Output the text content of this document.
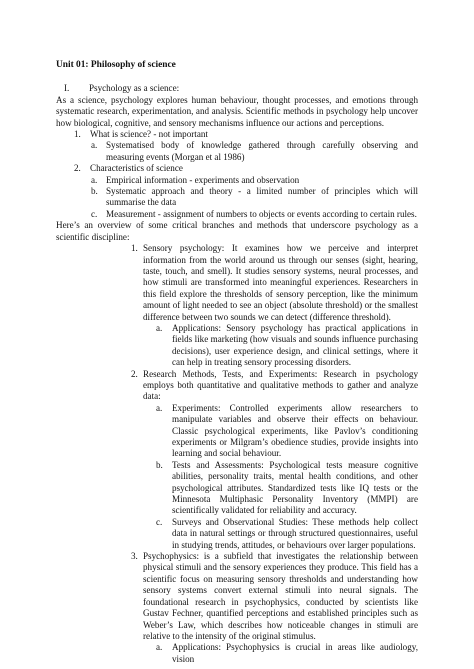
Unit 01: Philosophy of science
I.	Psychology as a science:

As a science, psychology explores human behaviour, thought processes, and emotions through systematic research, experimentation, and analysis. Scientific methods in psychology help uncover how biological, cognitive, and sensory mechanisms influence our actions and perceptions.

1.	What is science? - not important
a. Systematised body of knowledge gathered through carefully observing and measuring events (Morgan et al 1986)
2.	Characteristics of science
a. Empirical information - experiments and observation
b. Systematic approach and theory - a limited number of principles which will summarise the data
c. Measurement - assignment of numbers to objects or events according to certain rules.

Here’s an overview of some critical branches and methods that underscore psychology as a scientific discipline:

1. Sensory psychology: It examines how we perceive and interpret information from the world around us through our senses (sight, hearing, taste, touch, and smell). It studies sensory systems, neural processes, and how stimuli are transformed into meaningful experiences. Researchers in this field explore the thresholds of sensory perception, like the minimum amount of light needed to see an object (absolute threshold) or the smallest difference between two sounds we can detect (difference threshold).
a.	Applications: Sensory psychology has practical applications in fields like marketing (how visuals and sounds influence purchasing decisions), user experience design, and clinical settings, where it can help in treating sensory processing disorders.
2. Research Methods, Tests, and Experiments: Research in psychology employs both quantitative and qualitative methods to gather and analyze data:
a.	Experiments: Controlled experiments allow researchers to manipulate variables and observe their effects on behaviour. Classic psychological experiments, like Pavlov’s conditioning experiments or Milgram’s obedience studies, provide insights into learning and social behaviour.
b.	Tests and Assessments: Psychological tests measure cognitive abilities, personality traits, mental health conditions, and other psychological attributes. Standardized tests like IQ tests or the Minnesota Multiphasic Personality Inventory (MMPI) are scientifically validated for reliability and accuracy.
c.	Surveys and Observational Studies: These methods help collect data in natural settings or through structured questionnaires, useful in studying trends, attitudes, or behaviours over larger populations.
3. Psychophysics: is a subfield that investigates the relationship between physical stimuli and the sensory experiences they produce. This field has a scientific focus on measuring sensory thresholds and understanding how sensory systems convert external stimuli into neural signals. The foundational research in psychophysics, conducted by scientists like Gustav Fechner, quantified perceptions and established principles such as Weber’s Law, which describes how noticeable changes in stimuli are relative to the intensity of the original stimulus.
a.	Applications: Psychophysics is crucial in areas like audiology, vision
